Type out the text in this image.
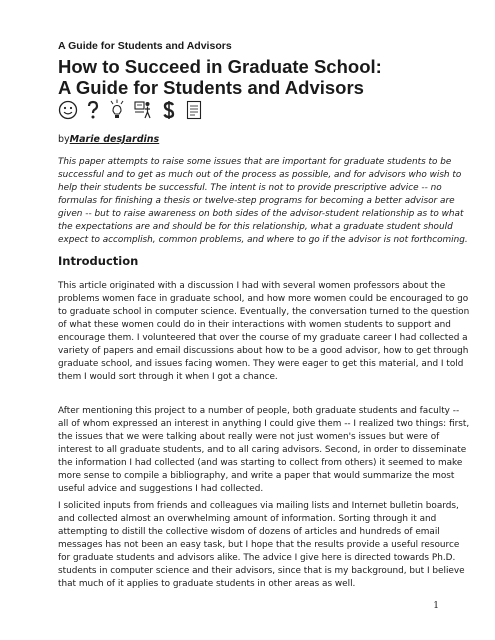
A Guide for Students and Advisors
How to Succeed in Graduate School:
A Guide for Students and Advisors
byMarie desJardins

This paper attempts to raise some issues that are important for graduate students to be successful and to get as much out of the process as possible, and for advisors who wish to help their students be successful. The intent is not to provide prescriptive advice -- no formulas for finishing a thesis or twelve-step programs for becoming a better advisor are given -- but to raise awareness on both sides of the advisor-student relationship as to what the expectations are and should be for this relationship, what a graduate student should expect to accomplish, common problems, and where to go if the advisor is not forthcoming.

Introduction

This article originated with a discussion I had with several women professors about the problems women face in graduate school, and how more women could be encouraged to go to graduate school in computer science. Eventually, the conversation turned to the question of what these women could do in their interactions with women students to support and encourage them. I volunteered that over the course of my graduate career I had collected a variety of papers and email discussions about how to be a good advisor, how to get through graduate school, and issues facing women. They were eager to get this material, and I told them I would sort through it when I got a chance.

After mentioning this project to a number of people, both graduate students and faculty -- all of whom expressed an interest in anything I could give them -- I realized two things: first, the issues that we were talking about really were not just women's issues but were of interest to all graduate students, and to all caring advisors. Second, in order to disseminate the information I had collected (and was starting to collect from others) it seemed to make more sense to compile a bibliography, and write a paper that would summarize the most useful advice and suggestions I had collected.

I solicited inputs from friends and colleagues via mailing lists and Internet bulletin boards, and collected almost an overwhelming amount of information. Sorting through it and attempting to distill the collective wisdom of dozens of articles and hundreds of email messages has not been an easy task, but I hope that the results provide a useful resource for graduate students and advisors alike. The advice I give here is directed towards Ph.D. students in computer science and their advisors, since that is my background, but I believe that much of it applies to graduate students in other areas as well.

1
